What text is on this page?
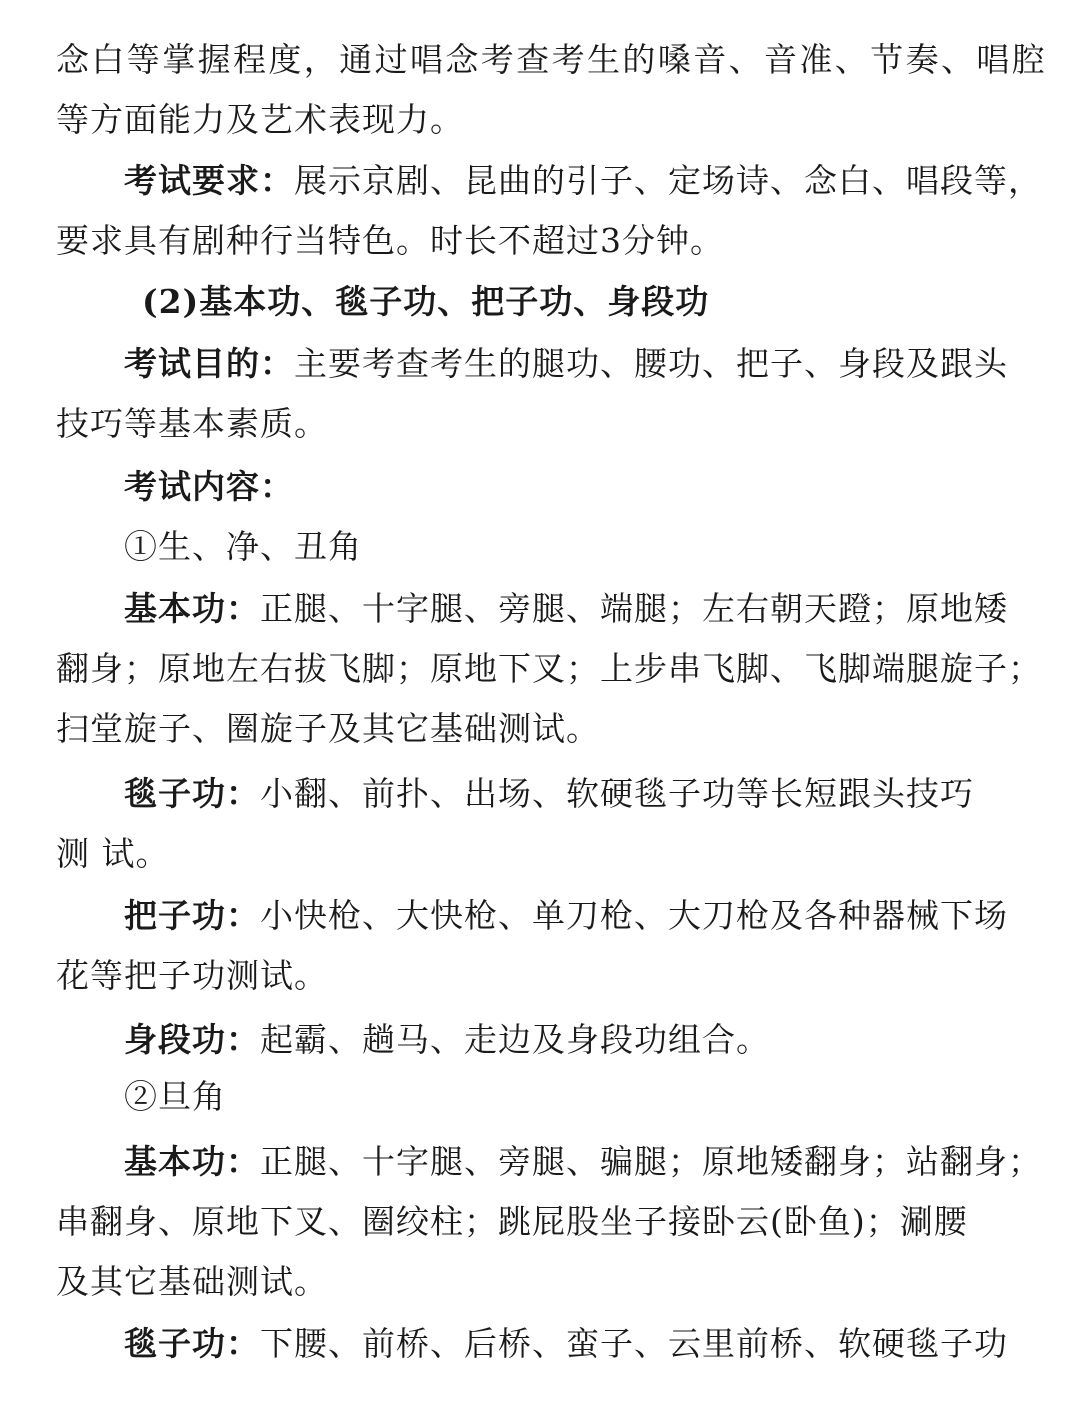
念白等掌握程度，通过唱念考查考生的嗓音、音准、节奏、唱腔
等方面能力及艺术表现力。
考试要求：展示京剧、昆曲的引子、定场诗、念白、唱段等，
要求具有剧种行当特色。时长不超过3分钟。
(2)基本功、毯子功、把子功、身段功
考试目的：主要考查考生的腿功、腰功、把子、身段及跟头
技巧等基本素质。
考试内容：
①生、净、丑角
基本功：正腿、十字腿、旁腿、端腿；左右朝天蹬；原地矮
翻身；原地左右拔飞脚；原地下叉；上步串飞脚、飞脚端腿旋子；
扫堂旋子、圈旋子及其它基础测试。
毯子功：小翻、前扑、出场、软硬毯子功等长短跟头技巧
测 试。
把子功：小快枪、大快枪、单刀枪、大刀枪及各种器械下场
花等把子功测试。
身段功：起霸、趟马、走边及身段功组合。
②旦角
基本功：正腿、十字腿、旁腿、骗腿；原地矮翻身；站翻身；
串翻身、原地下叉、圈绞柱；跳屁股坐子接卧云(卧鱼)；涮腰
及其它基础测试。
毯子功：下腰、前桥、后桥、蛮子、云里前桥、软硬毯子功
